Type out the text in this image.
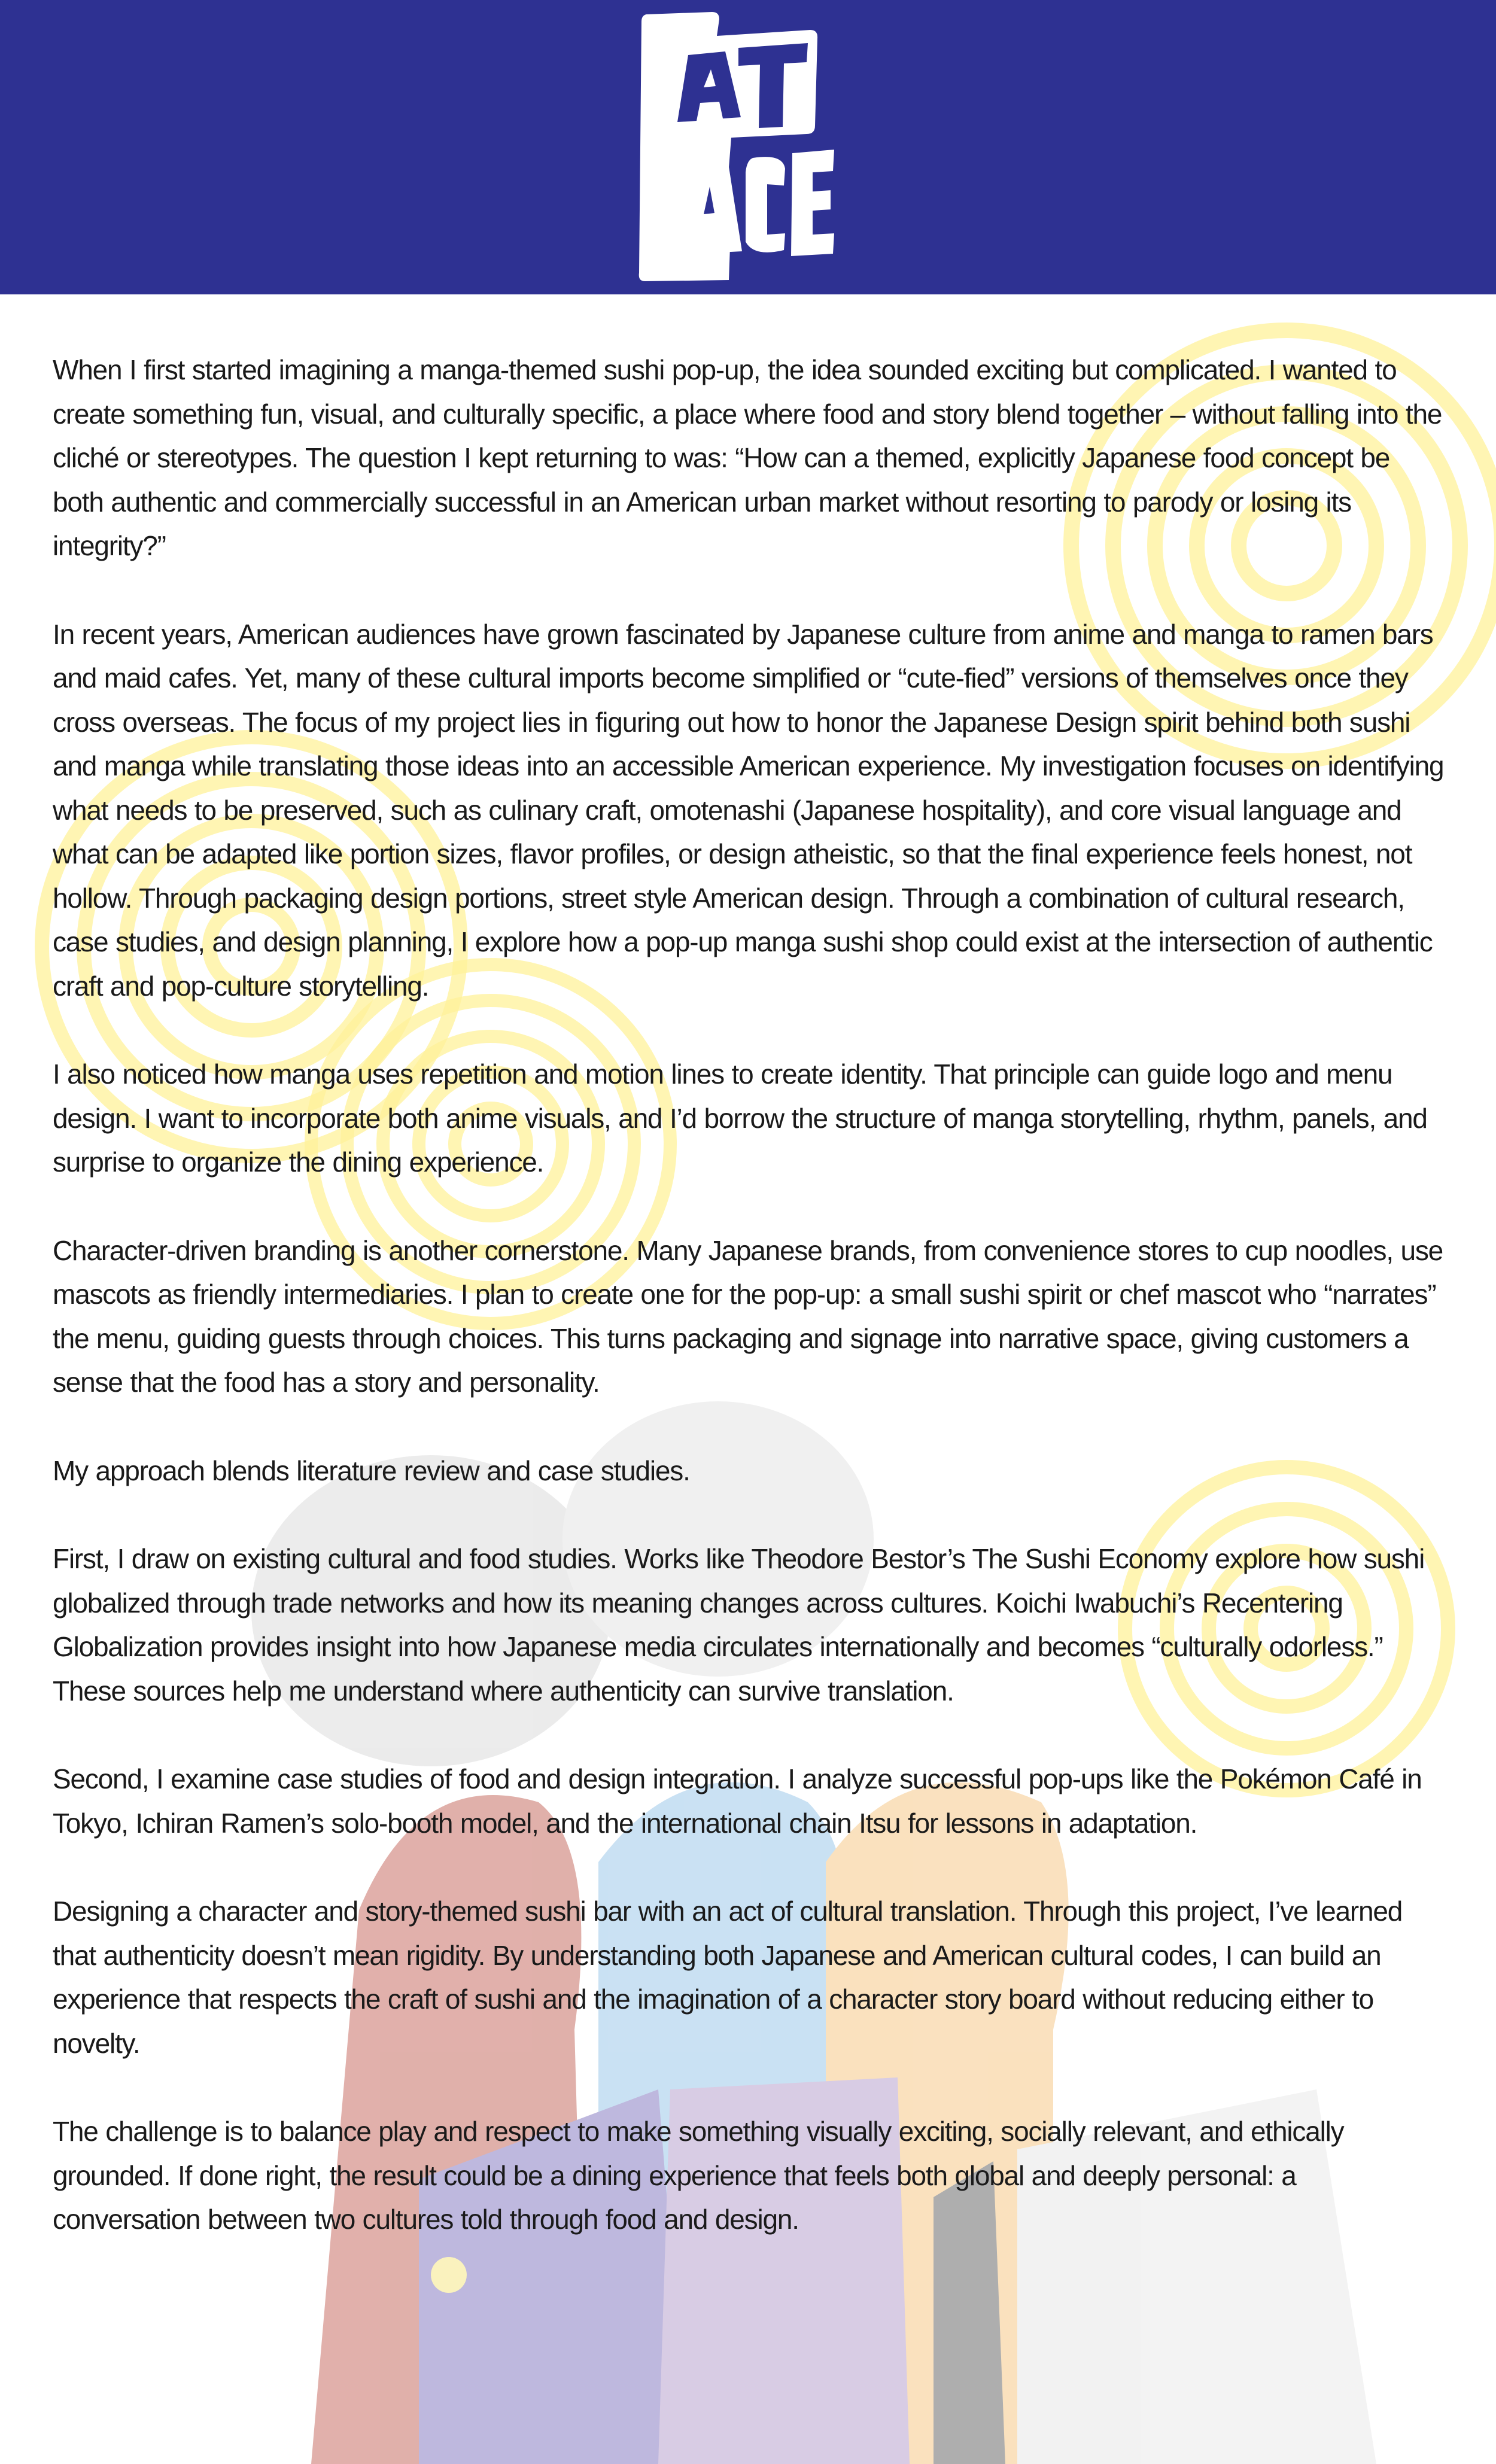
When I first started imagining a manga-themed sushi pop-up, the idea sounded exciting but complicated. I wanted to create something fun, visual, and culturally specific, a place where food and story blend together – without falling into the cliché or stereotypes. The question I kept returning to was: “How can a themed, explicitly Japanese food concept be both authentic and commercially successful in an American urban market without resorting to parody or losing its integrity?”

In recent years, American audiences have grown fascinated by Japanese culture from anime and manga to ramen bars and maid cafes. Yet, many of these cultural imports become simplified or “cute-fied” versions of themselves once they cross overseas. The focus of my project lies in figuring out how to honor the Japanese Design spirit behind both sushi and manga while translating those ideas into an accessible American experience. My investigation focuses on identifying what needs to be preserved, such as culinary craft, omotenashi (Japanese hospitality), and core visual language and what can be adapted like portion sizes, flavor profiles, or design atheistic, so that the final experience feels honest, not hollow. Through packaging design portions, street style American design. Through a combination of cultural research, case studies, and design planning, I explore how a pop-up manga sushi shop could exist at the intersection of authentic craft and pop-culture storytelling.

I also noticed how manga uses repetition and motion lines to create identity. That principle can guide logo and menu design. I want to incorporate both anime visuals, and I’d borrow the structure of manga storytelling, rhythm, panels, and surprise to organize the dining experience.

Character-driven branding is another cornerstone. Many Japanese brands, from convenience stores to cup noodles, use mascots as friendly intermediaries. I plan to create one for the pop-up: a small sushi spirit or chef mascot who “narrates” the menu, guiding guests through choices. This turns packaging and signage into narrative space, giving customers a sense that the food has a story and personality.

My approach blends literature review and case studies.

First, I draw on existing cultural and food studies. Works like Theodore Bestor’s The Sushi Economy explore how sushi globalized through trade networks and how its meaning changes across cultures. Koichi Iwabuchi’s Recentering Globalization provides insight into how Japanese media circulates internationally and becomes “culturally odorless.” These sources help me understand where authenticity can survive translation.

Second, I examine case studies of food and design integration. I analyze successful pop-ups like the Pokémon Café in Tokyo, Ichiran Ramen’s solo-booth model, and the international chain Itsu for lessons in adaptation.

Designing a character and story-themed sushi bar with an act of cultural translation. Through this project, I’ve learned that authenticity doesn’t mean rigidity. By understanding both Japanese and American cultural codes, I can build an experience that respects the craft of sushi and the imagination of a character story board without reducing either to novelty.

The challenge is to balance play and respect to make something visually exciting, socially relevant, and ethically grounded. If done right, the result could be a dining experience that feels both global and deeply personal: a conversation between two cultures told through food and design.
